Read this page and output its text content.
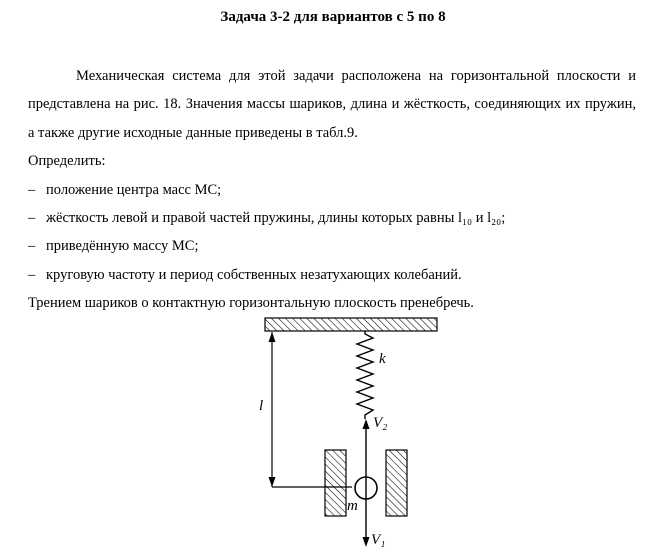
Задача 3-2 для вариантов с 5 по 8
Механическая система для этой задачи расположена на горизонтальной плоскости и представлена на рис. 18. Значения массы шариков, длина и жёсткость, соединяющих их пружин, а также другие исходные данные приведены в табл.9.
Определить:
– положение центра масс МС;
– жёсткость левой и правой частей пружины, длины которых равны l₁₀ и l₂₀;
– приведённую массу МС;
– круговую частоту и период собственных незатухающих колебаний.
Трением шариков о контактную горизонтальную плоскость пренебречь.
k
l
m
V₂
V₁
